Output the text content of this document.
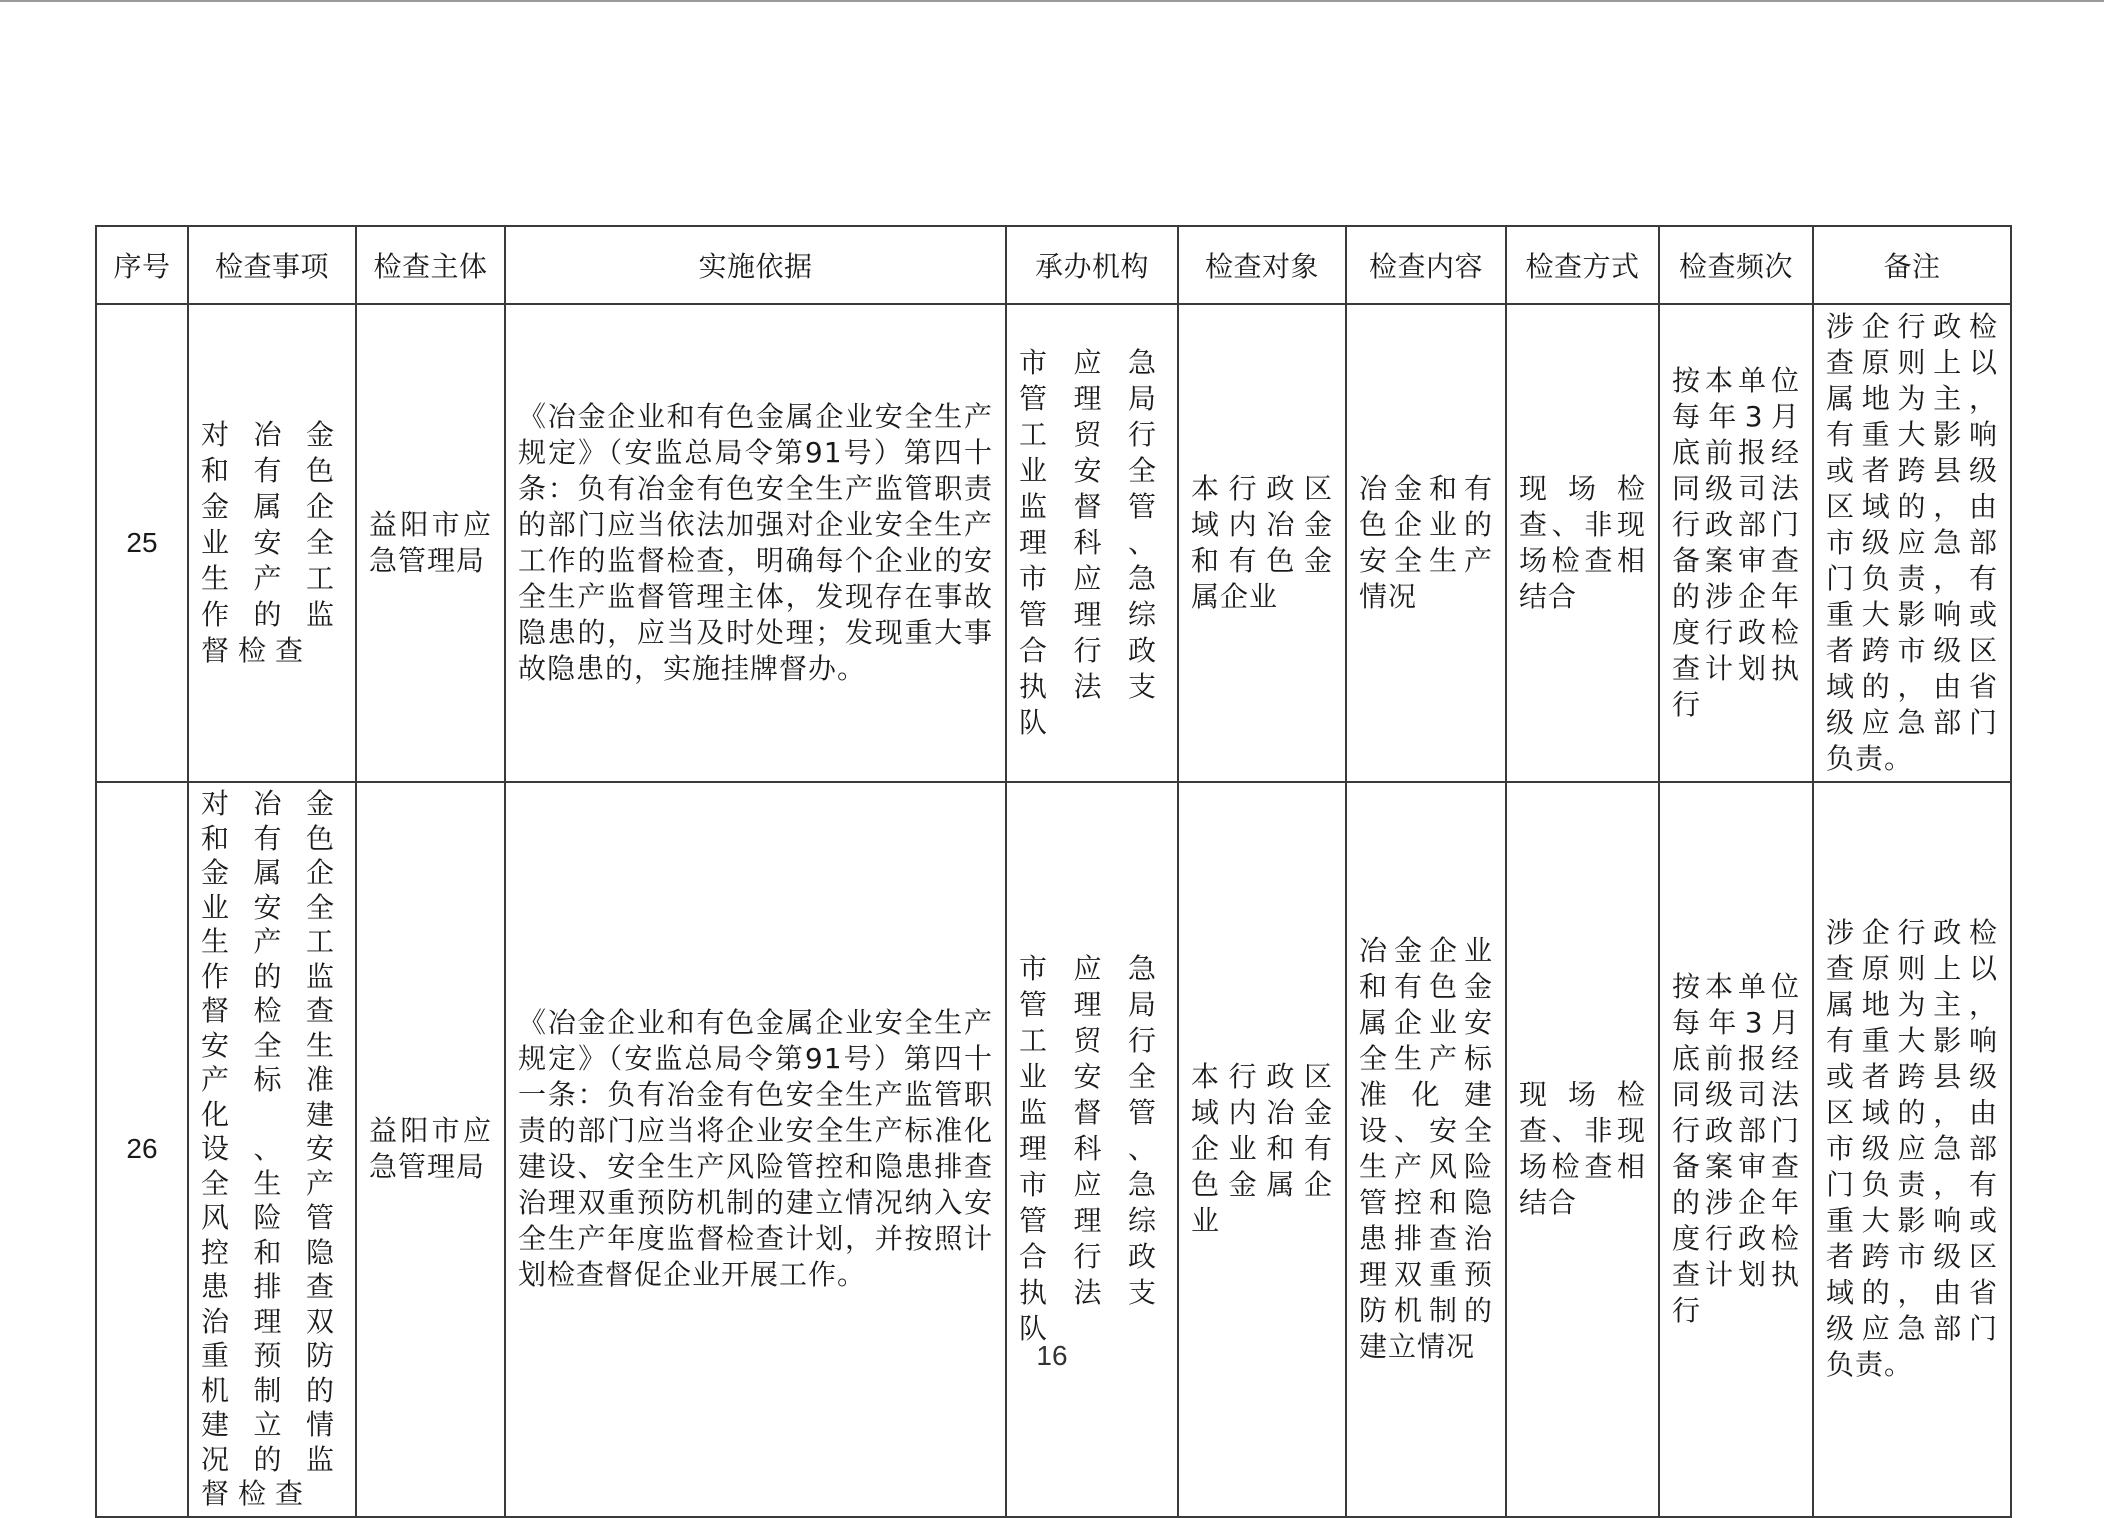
序号	检查事项	检查主体	实施依据	承办机构	检查对象	检查内容	检查方式	检查频次	备注
25	对冶金和有色金属企业安全生产工作的监督检查	益阳市应急管理局	《冶金企业和有色金属企业安全生产规定》（安监总局令第91号）第四十条：负有冶金有色安全生产监管职责的部门应当依法加强对企业安全生产工作的监督检查，明确每个企业的安全生产监督管理主体，发现存在事故隐患的，应当及时处理；发现重大事故隐患的，实施挂牌督办。	市应急管理局工贸行业安全监督管理科、市应急管理综合行政执法支队	本行政区域内冶金和有色金属企业	冶金和有色企业的安全生产情况	现场检查、非现场检查相结合	按本单位每年3月底前报经同级司法行政部门备案审查的涉企年度行政检查计划执行	涉企行政检查原则上以属地为主，有重大影响或者跨县级区域的，由市级应急部门负责，有重大影响或者跨市级区域的，由省级应急部门负责。
26	对冶金和有色金属企业安全生产工作的监督检查安全生产标准化建设、安全生产风险管控和隐患排查治理双重预防机制的建立情况的监督检查	益阳市应急管理局	《冶金企业和有色金属企业安全生产规定》（安监总局令第91号）第四十一条：负有冶金有色安全生产监管职责的部门应当将企业安全生产标准化建设、安全生产风险管控和隐患排查治理双重预防机制的建立情况纳入安全生产年度监督检查计划，并按照计划检查督促企业开展工作。	市应急管理局工贸行业安全监督管理科、市应急管理综合行政执法支队	本行政区域内冶金企业和有色金属企业	冶金企业和有色金属企业安全生产标准化建设、安全生产风险管控和隐患排查治理双重预防机制的建立情况	现场检查、非现场检查相结合	按本单位每年3月底前报经同级司法行政部门备案审查的涉企年度行政检查计划执行	涉企行政检查原则上以属地为主，有重大影响或者跨县级区域的，由市级应急部门负责，有重大影响或者跨市级区域的，由省级应急部门负责。
16
